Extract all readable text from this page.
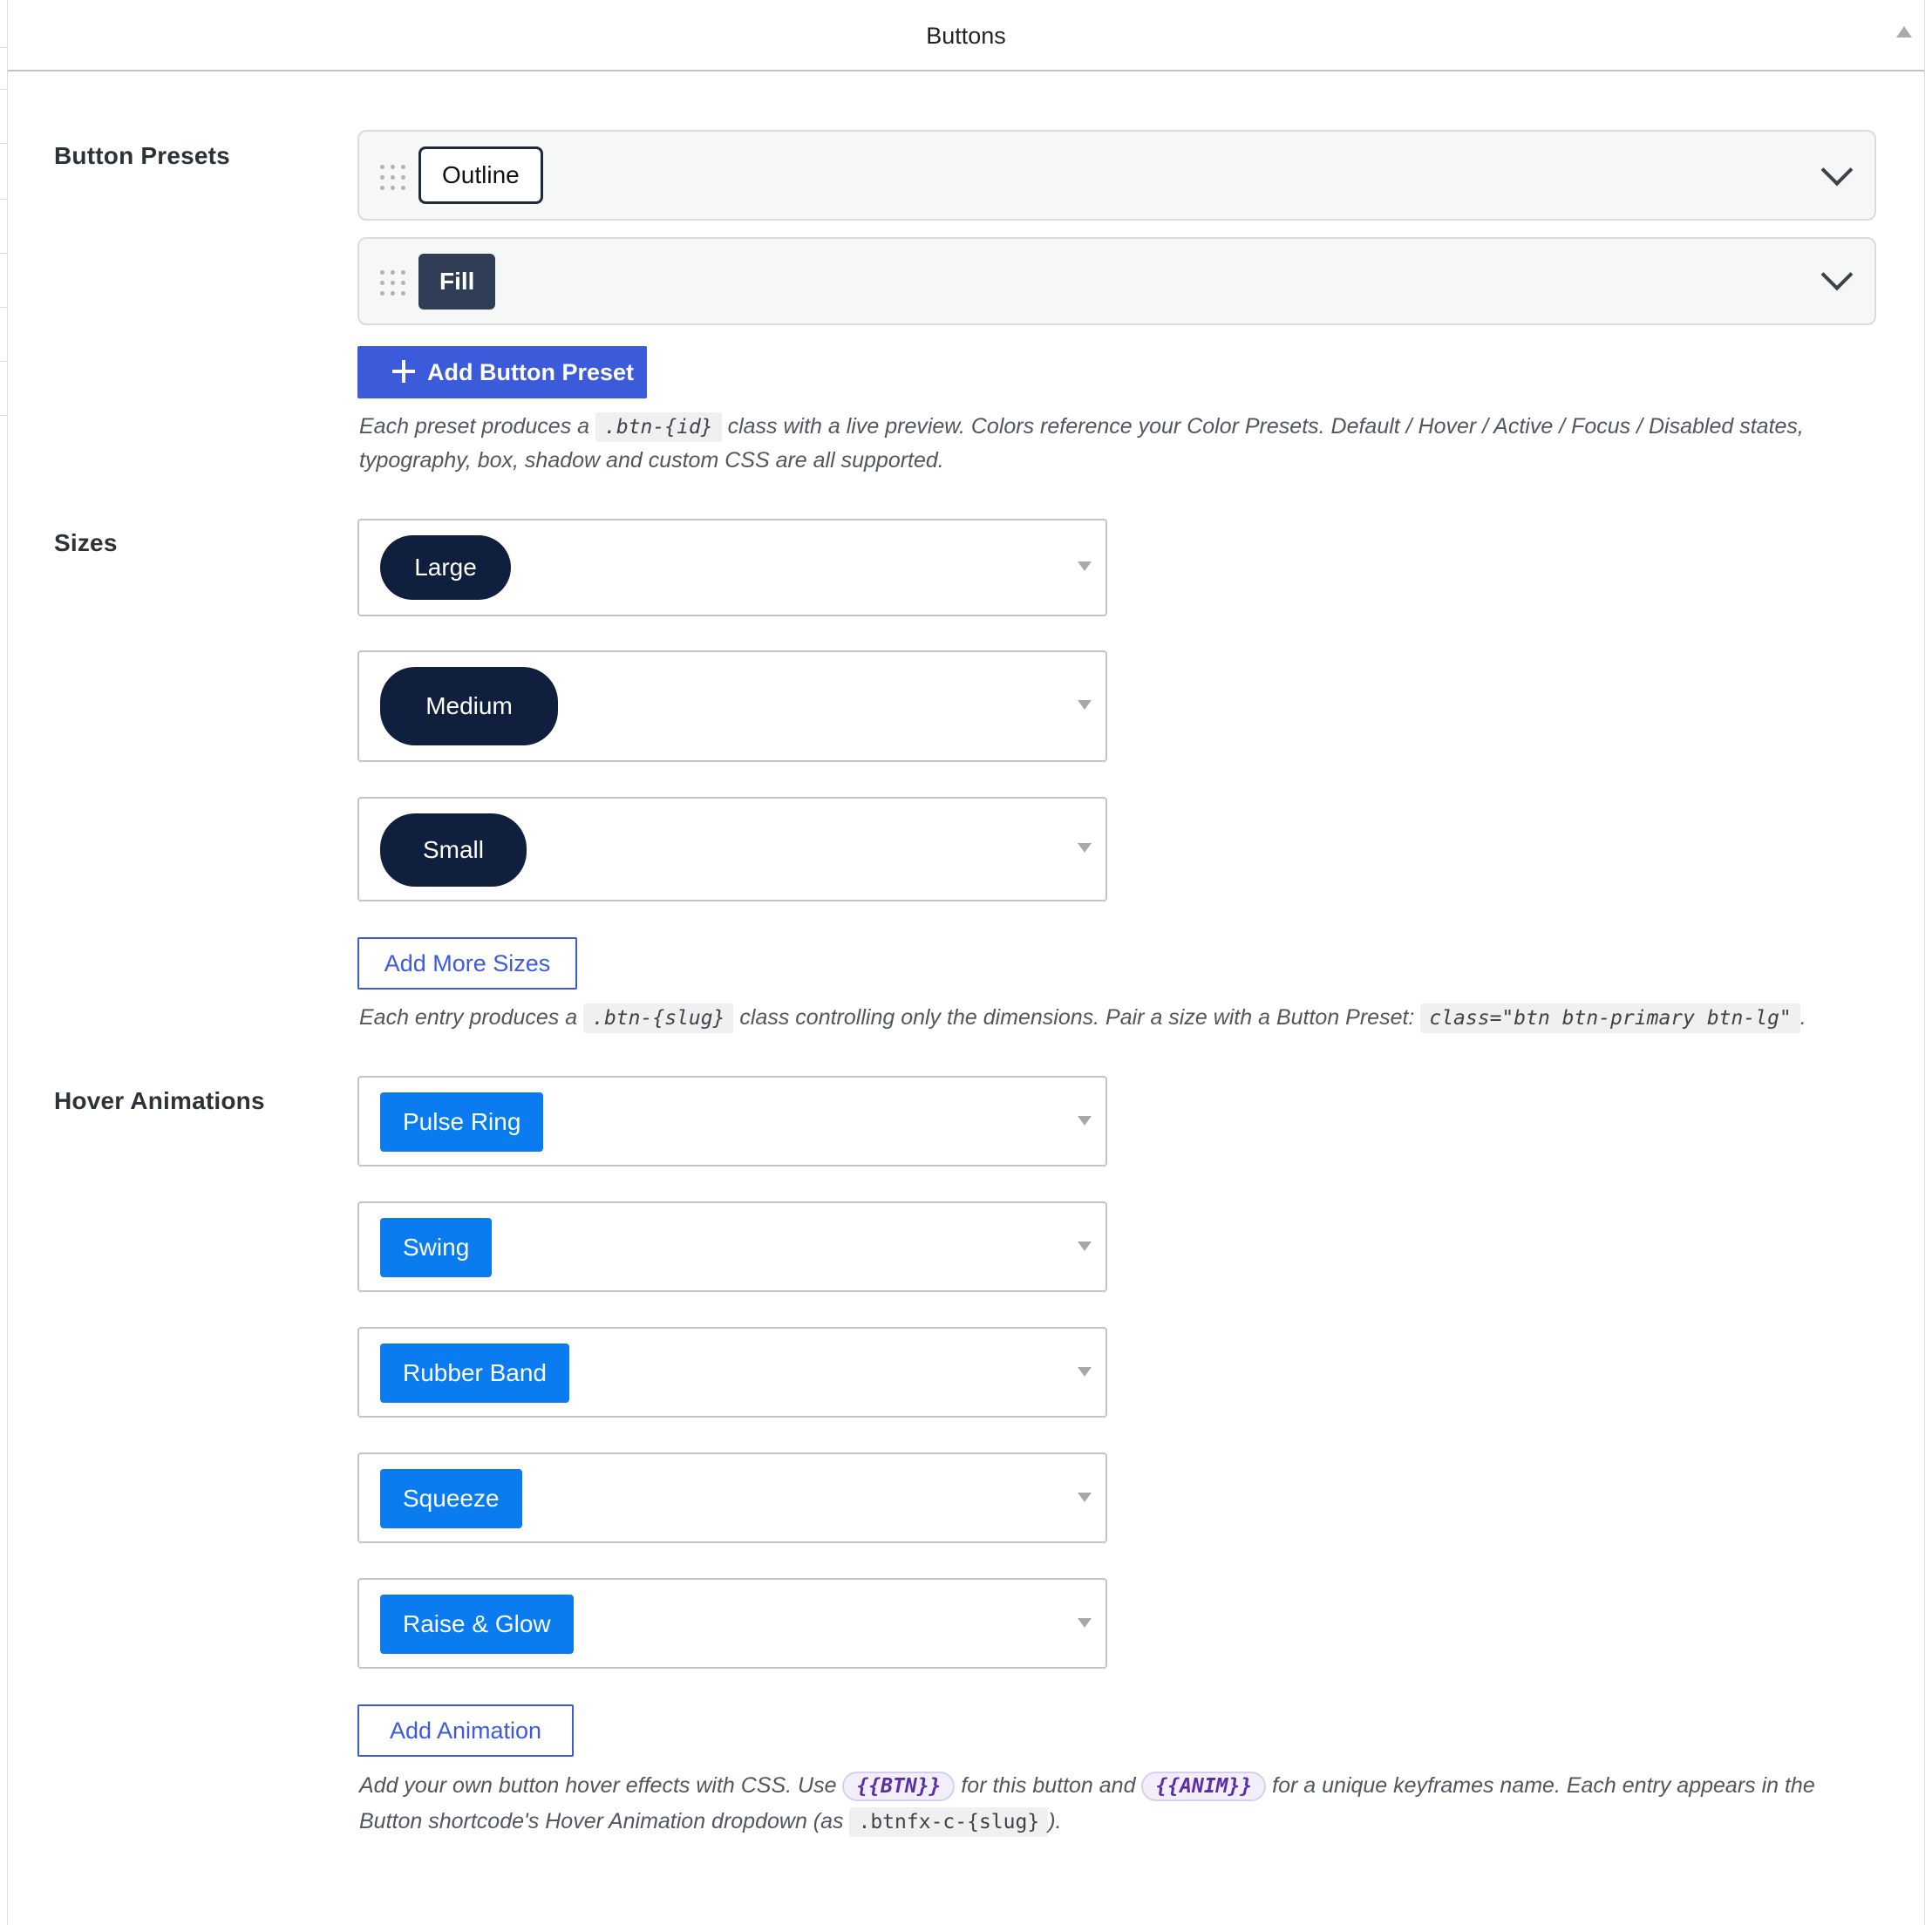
Buttons
Button Presets
Outline
Fill
Add Button Preset
Each preset produces a .btn-{id} class with a live preview. Colors reference your Color Presets. Default / Hover / Active / Focus / Disabled states, typography, box, shadow and custom CSS are all supported.
Sizes
Large
Medium
Small
Add More Sizes
Each entry produces a .btn-{slug} class controlling only the dimensions. Pair a size with a Button Preset: class="btn btn-primary btn-lg" .
Hover Animations
Pulse Ring
Swing
Rubber Band
Squeeze
Raise & Glow
Add Animation
Add your own button hover effects with CSS. Use {{BTN}} for this button and {{ANIM}} for a unique keyframes name. Each entry appears in the Button shortcode's Hover Animation dropdown (as .btnfx-c-{slug} ).
